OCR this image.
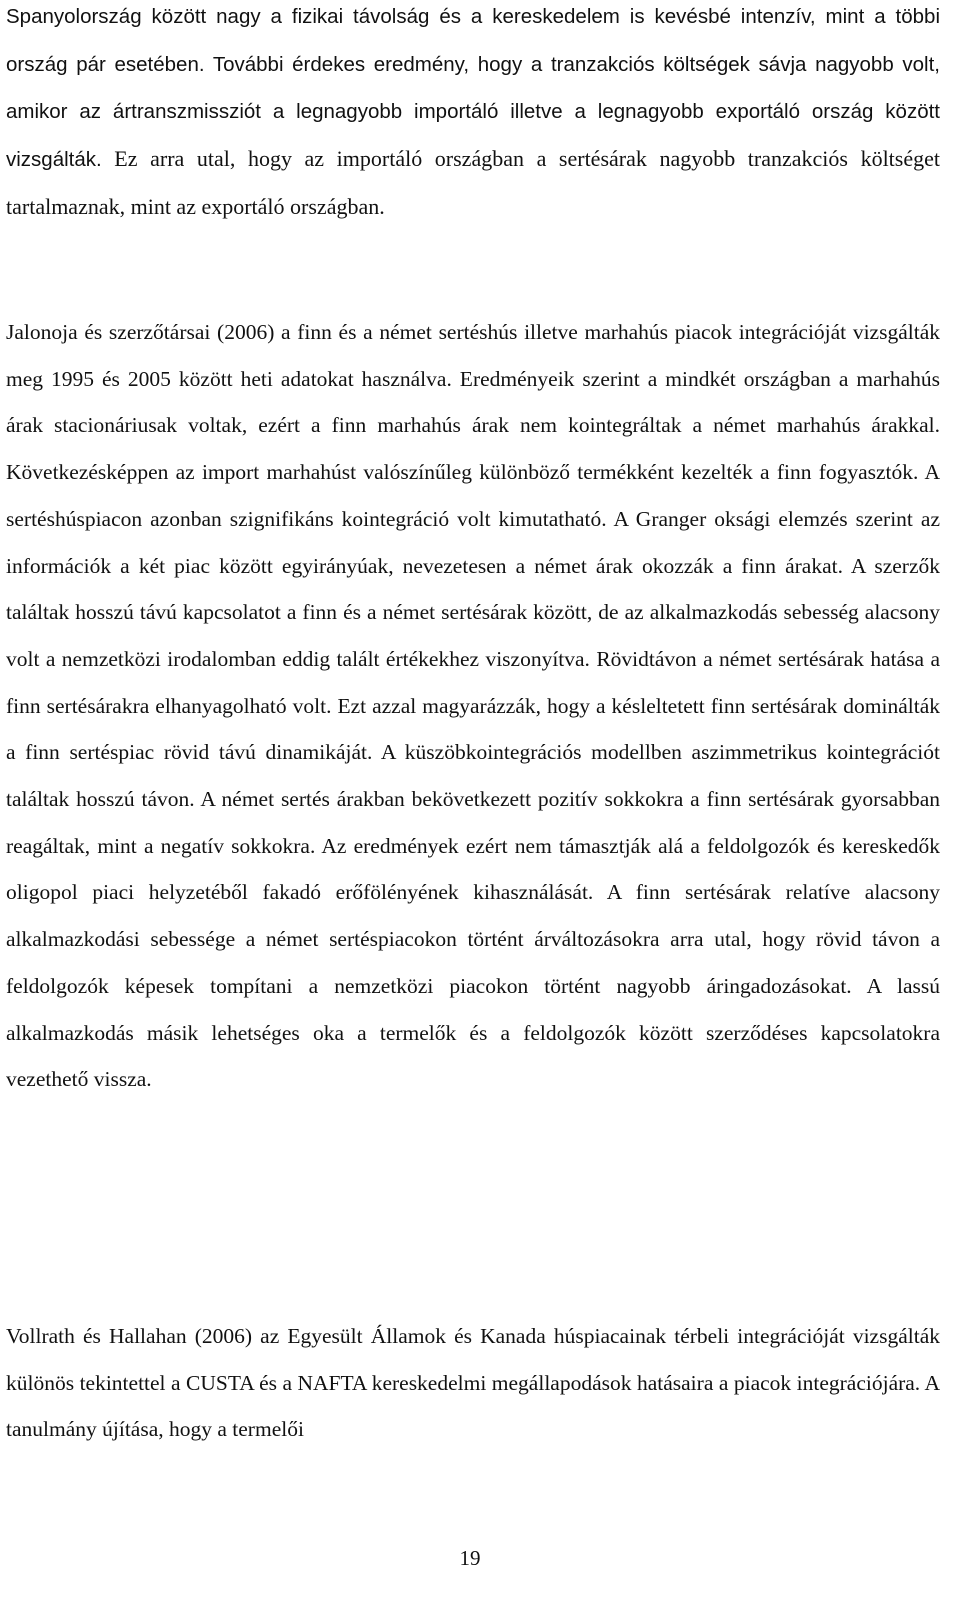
Spanyolország között nagy a fizikai távolság és a kereskedelem is kevésbé intenzív, mint a többi ország pár esetében. További érdekes eredmény, hogy a tranzakciós költségek sávja nagyobb volt, amikor az ártranszmissziót a legnagyobb importáló illetve a legnagyobb exportáló ország között vizsgálták. Ez arra utal, hogy az importáló országban a sertésárak nagyobb tranzakciós költséget tartalmaznak, mint az exportáló országban.

Jalonoja és szerzőtársai (2006) a finn és a német sertéshús illetve marhahús piacok integrációját vizsgálták meg 1995 és 2005 között heti adatokat használva. Eredményeik szerint a mindkét országban a marhahús árak stacionáriusak voltak, ezért a finn marhahús árak nem kointegráltak a német marhahús árakkal. Következésképpen az import marhahúst valószínűleg különböző termékként kezelték a finn fogyasztók. A sertéshúspiacon azonban szignifikáns kointegráció volt kimutatható. A Granger oksági elemzés szerint az információk a két piac között egyirányúak, nevezetesen a német árak okozzák a finn árakat. A szerzők találtak hosszú távú kapcsolatot a finn és a német sertésárak között, de az alkalmazkodás sebesség alacsony volt a nemzetközi irodalomban eddig talált értékekhez viszonyítva. Rövidtávon a német sertésárak hatása a finn sertésárakra elhanyagolható volt. Ezt azzal magyarázzák, hogy a késleltetett finn sertésárak dominálták a finn sertéspiac rövid távú dinamikáját. A küszöbkointegrációs modellben aszimmetrikus kointegrációt találtak hosszú távon. A német sertés árakban bekövetkezett pozitív sokkokra a finn sertésárak gyorsabban reagáltak, mint a negatív sokkokra. Az eredmények ezért nem támasztják alá a feldolgozók és kereskedők oligopol piaci helyzetéből fakadó erőfölényének kihasználását. A finn sertésárak relatíve alacsony alkalmazkodási sebessége a német sertéspiacokon történt árváltozásokra arra utal, hogy rövid távon a feldolgozók képesek tompítani a nemzetközi piacokon történt nagyobb áringadozásokat. A lassú alkalmazkodás másik lehetséges oka a termelők és a feldolgozók között szerződéses kapcsolatokra vezethető vissza.

Vollrath és Hallahan (2006) az Egyesült Államok és Kanada húspiacainak térbeli integrációját vizsgálták különös tekintettel a CUSTA és a NAFTA kereskedelmi megállapodások hatásaira a piacok integrációjára. A tanulmány újítása, hogy a termelői

19
